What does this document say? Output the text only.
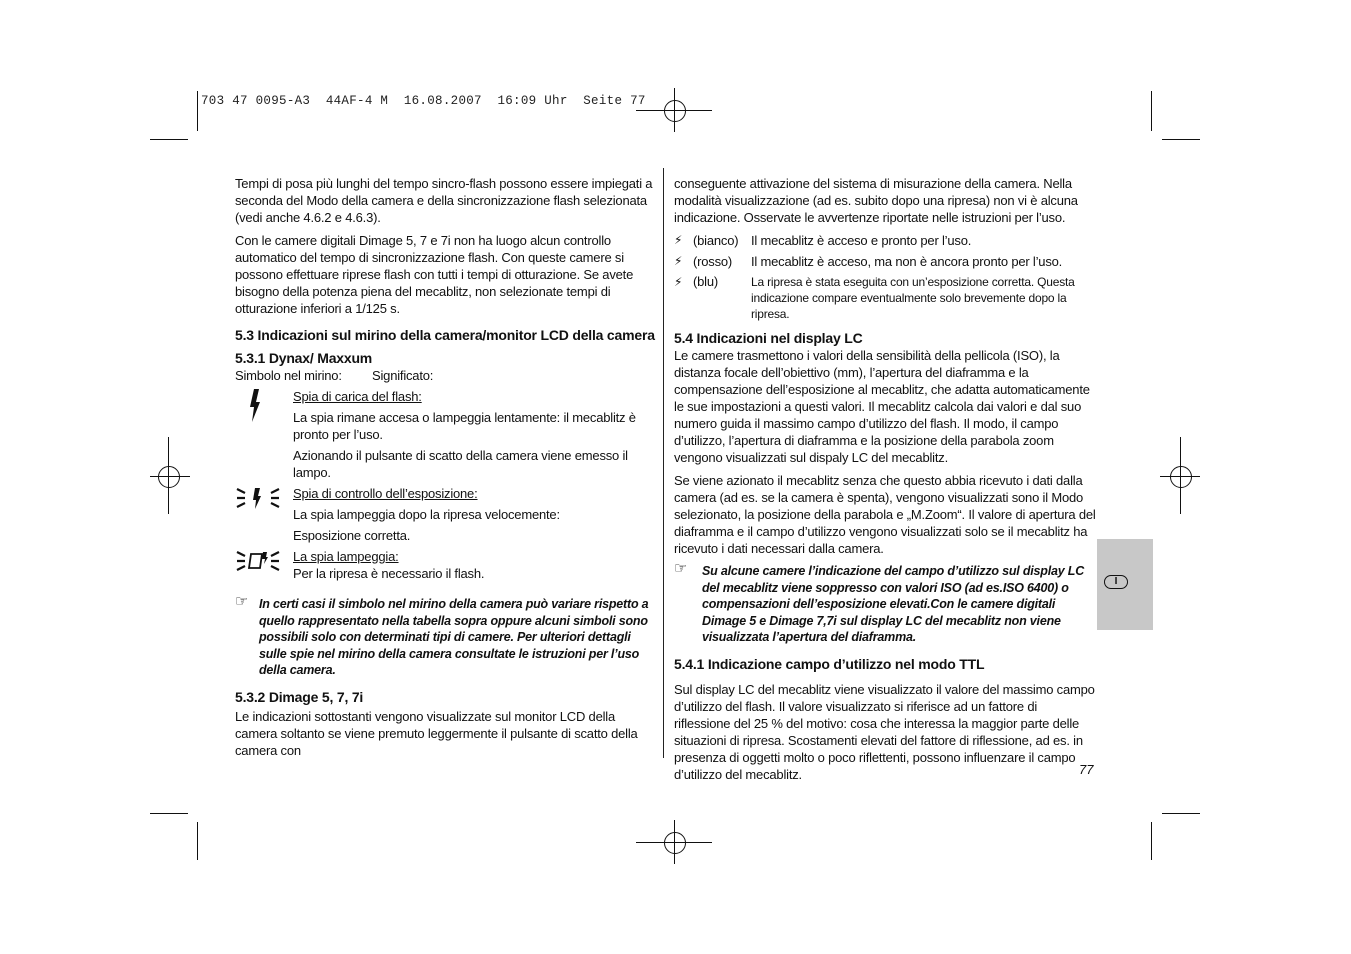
703 47 0095-A3  44AF-4 M  16.08.2007  16:09 Uhr  Seite 77

Tempi di posa più lunghi del tempo sincro-flash possono essere impiegati a seconda del Modo della camera e della sincronizzazione flash selezionata (vedi anche 4.6.2 e 4.6.3).

Con le camere digitali Dimage 5, 7 e 7i non ha luogo alcun controllo automatico del tempo di sincronizzazione flash. Con queste camere si possono effettuare riprese flash con tutti i tempi di otturazione. Se avete bisogno della potenza piena del mecablitz, non selezionate tempi di otturazione inferiori a 1/125 s.

5.3 Indicazioni sul mirino della camera/monitor LCD della camera
5.3.1 Dynax/ Maxxum
Simbolo nel mirino: Significato:

Spia di carica del flash:

La spia rimane accesa o lampeggia lentamente: il mecablitz è pronto per l’uso.

Azionando il pulsante di scatto della camera viene emesso il lampo.

Spia di controllo dell’esposizione:

La spia lampeggia dopo la ripresa velocemente:

Esposizione corretta.

La spia lampeggia:

Per la ripresa è necessario il flash.

☞ In certi casi il simbolo nel mirino della camera può variare rispetto a quello rappresentato nella tabella sopra oppure alcuni simboli sono possibili solo con determinati tipi di camere. Per ulteriori dettagli sulle spie nel mirino della camera consultate le istruzioni per l’uso della camera.
5.3.2 Dimage 5, 7, 7i

Le indicazioni sottostanti vengono visualizzate sul monitor LCD della camera soltanto se viene premuto leggermente il pulsante di scatto della camera con

conseguente attivazione del sistema di misurazione della camera. Nella modalità visualizzazione (ad es. subito dopo una ripresa) non vi è alcuna indicazione. Osservate le avvertenze riportate nelle istruzioni per l’uso.

⚡ (bianco) Il mecablitz è acceso e pronto per l’uso.
⚡ (rosso) Il mecablitz è acceso, ma non è ancora pronto per l’uso.
⚡ (blu)	La ripresa è stata eseguita con un’esposizione corretta. Questa indicazione compare eventualmente solo brevemente dopo la ripresa.
5.4 Indicazioni nel display LC

Le camere trasmettono i valori della sensibilità della pellicola (ISO), la distanza focale dell’obiettivo (mm), l’apertura del diaframma e la compensazione dell’esposizione al mecablitz, che adatta automaticamente le sue impostazioni a questi valori. Il mecablitz calcola dai valori e dal suo numero guida il massimo campo d’utilizzo del flash. Il modo, il campo d’utilizzo, l’apertura di diaframma e la posizione della parabola zoom vengono visualizzati sul dispaly LC del mecablitz.

Se viene azionato il mecablitz senza che questo abbia ricevuto i dati dalla camera (ad es. se la camera è spenta), vengono visualizzati sono il Modo selezionato, la posizione della parabola e „M.Zoom“. Il valore di apertura del diaframma e il campo d’utilizzo vengono visualizzati solo se il mecablitz ha ricevuto i dati necessari dalla camera.

☞ Su alcune camere l’indicazione del campo d’utilizzo sul display LC del mecablitz viene soppresso con valori ISO (ad es.ISO 6400) o compensazioni dell’esposizione elevati.Con le camere digitali Dimage 5 e Dimage 7,7i sul display LC del mecablitz non viene visualizzata l’apertura del diaframma.
5.4.1 Indicazione campo d’utilizzo nel modo TTL

Sul display LC del mecablitz viene visualizzato il valore del massimo campo d’utilizzo del flash. Il valore visualizzato si riferisce ad un fattore di riflessione del 25 % del motivo: cosa che interessa la maggior parte delle situazioni di ripresa. Scostamenti elevati del fattore di riflessione, ad es. in presenza di oggetti molto o poco riflettenti, possono influenzare il campo d’utilizzo del mecablitz.

I
77
